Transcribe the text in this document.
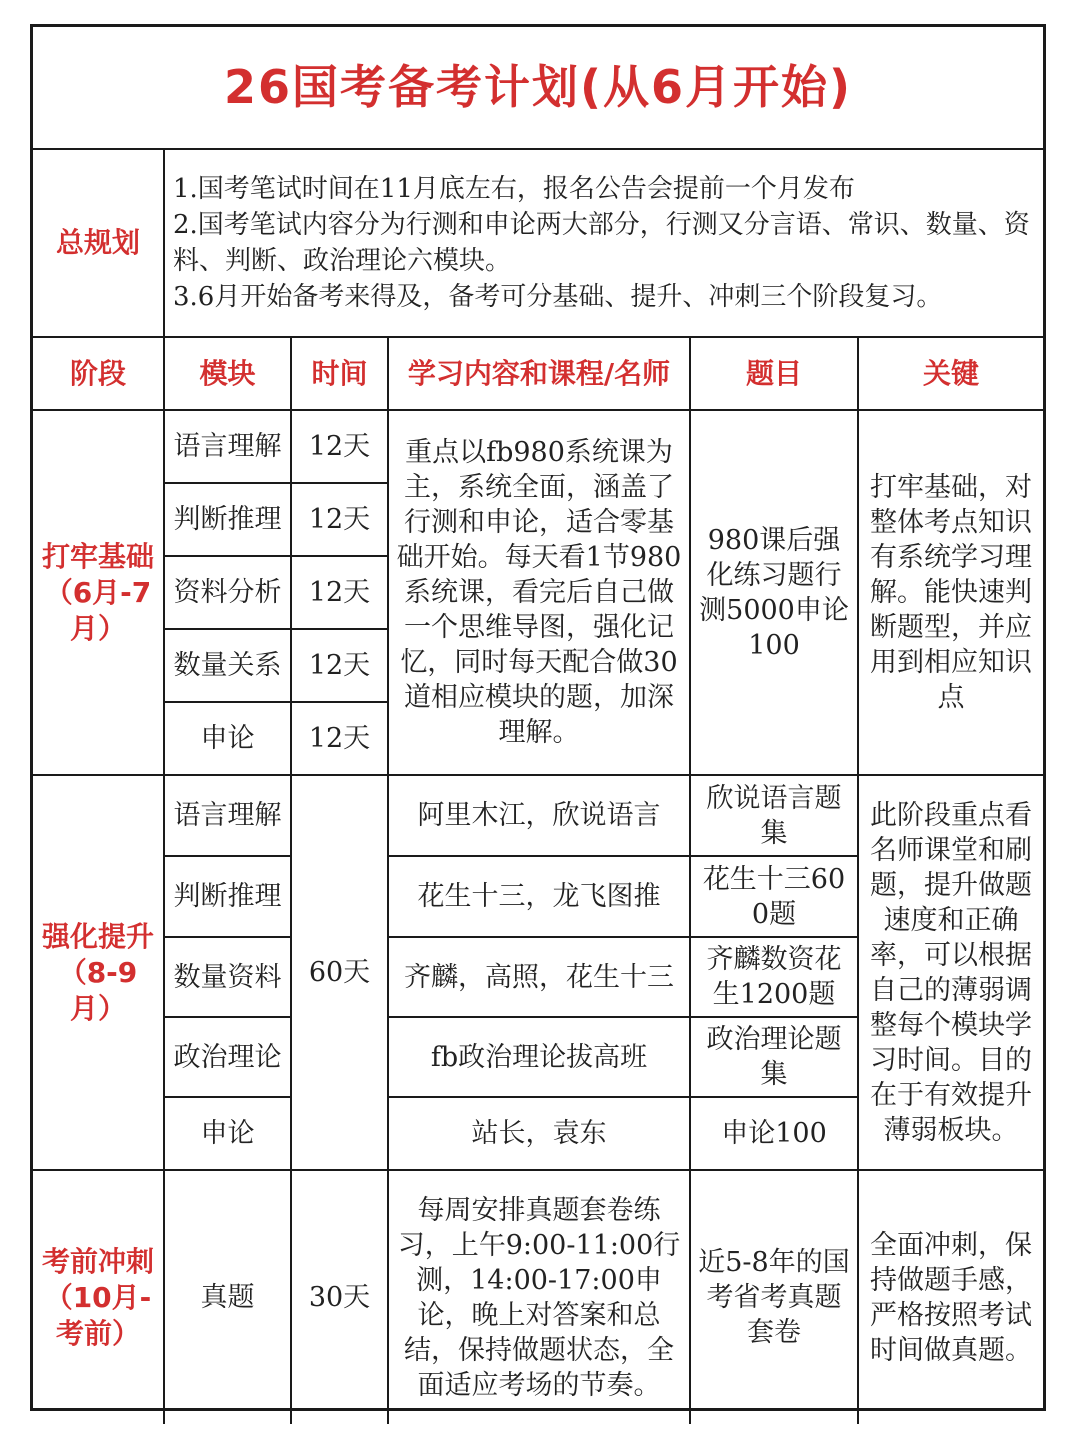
26国考备考计划(从6月开始)					
总规划	1.国考笔试时间在11月底左右，报名公告会提前一个月发布
2.国考笔试内容分为行测和申论两大部分，行测又分言语、常识、数量、资料、判断、政治理论六模块。
3.6月开始备考来得及，备考可分基础、提升、冲刺三个阶段复习。				

阶段	模块	时间	学习内容和课程/名师	题目	关键
打牢基础（6月-7月）	语言理解	12天	重点以fb980系统课为主，系统全面，涵盖了行测和申论，适合零基础开始。每天看1节980系统课，看完后自己做一个思维导图，强化记忆，同时每天配合做30道相应模块的题，加深理解。	980课后强化练习题行测5000申论100	打牢基础，对整体考点知识有系统学习理解。能快速判断题型，并应用到相应知识点
	判断推理	12天			
	资料分析	12天			
	数量关系	12天			
	申论	12天			
强化提升（8-9月）	语言理解	60天	阿里木江，欣说语言	欣说语言题集	此阶段重点看名师课堂和刷题，提升做题速度和正确率，可以根据自己的薄弱调整每个模块学习时间。目的在于有效提升薄弱板块。
	判断推理		花生十三，龙飞图推	花生十三600题	
	数量资料		齐麟，高照，花生十三	齐麟数资花生1200题	
	政治理论		fb政治理论拔高班	政治理论题集	
	申论		站长，袁东	申论100	
考前冲刺（10月-考前）	真题	30天	每周安排真题套卷练习，上午9:00-11:00行测，14:00-17:00申论，晚上对答案和总结，保持做题状态，全面适应考场的节奏。	近5-8年的国考省考真题套卷	全面冲刺，保持做题手感，严格按照考试时间做真题。
